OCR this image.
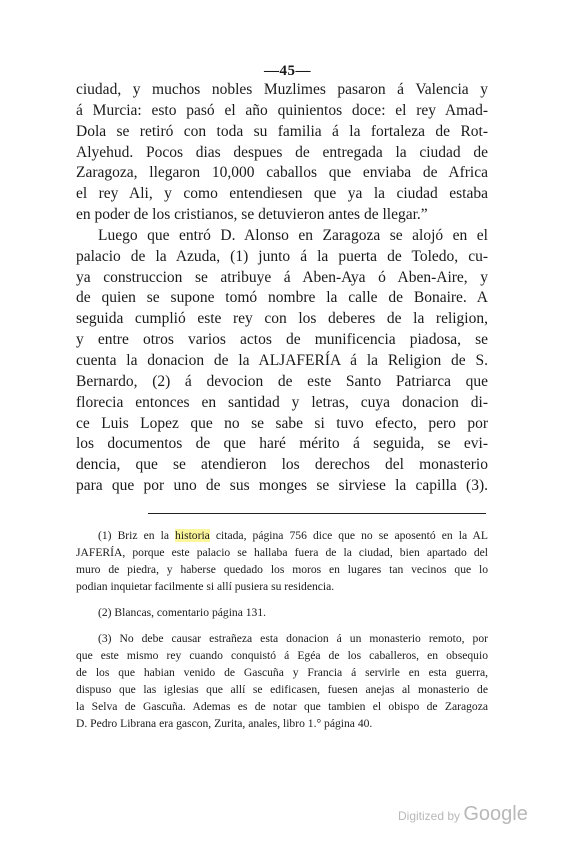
—45—
ciudad, y muchos nobles Muzlimes pasaron á Valencia y
á Murcia: esto pasó el año quinientos doce: el rey Amad-
Dola se retiró con toda su familia á la fortaleza de Rot-
Alyehud. Pocos dias despues de entregada la ciudad de
Zaragoza, llegaron 10,000 caballos que enviaba de Africa
el rey Ali, y como entendiesen que ya la ciudad estaba
en poder de los cristianos, se detuvieron antes de llegar.”
Luego que entró D. Alonso en Zaragoza se alojó en el
palacio de la Azuda, (1) junto á la puerta de Toledo, cu-
ya construccion se atribuye á Aben-Aya ó Aben-Aire, y
de quien se supone tomó nombre la calle de Bonaire. A
seguida cumplió este rey con los deberes de la religion,
y entre otros varios actos de munificencia piadosa, se
cuenta la donacion de la ALJAFERÍA á la Religion de S.
Bernardo, (2) á devocion de este Santo Patriarca que
florecia entonces en santidad y letras, cuya donacion di-
ce Luis Lopez que no se sabe si tuvo efecto, pero por
los documentos de que haré mérito á seguida, se evi-
dencia, que se atendieron los derechos del monasterio
para que por uno de sus monges se sirviese la capilla (3).
(1) Briz en la historia citada, página 756 dice que no se aposentó en la AL
JAFERÍA, porque este palacio se hallaba fuera de la ciudad, bien apartado del
muro de piedra, y haberse quedado los moros en lugares tan vecinos que lo
podian inquietar facilmente si allí pusiera su residencia.
(2) Blancas, comentario página 131.
(3) No debe causar estrañeza esta donacion á un monasterio remoto, por
que este mismo rey cuando conquistó á Egéa de los caballeros, en obsequio
de los que habian venido de Gascuña y Francia á servirle en esta guerra,
dispuso que las iglesias que allí se edificasen, fuesen anejas al monasterio de
la Selva de Gascuña. Ademas es de notar que tambien el obispo de Zaragoza
D. Pedro Librana era gascon, Zurita, anales, libro 1.° página 40.
Digitized by Google
